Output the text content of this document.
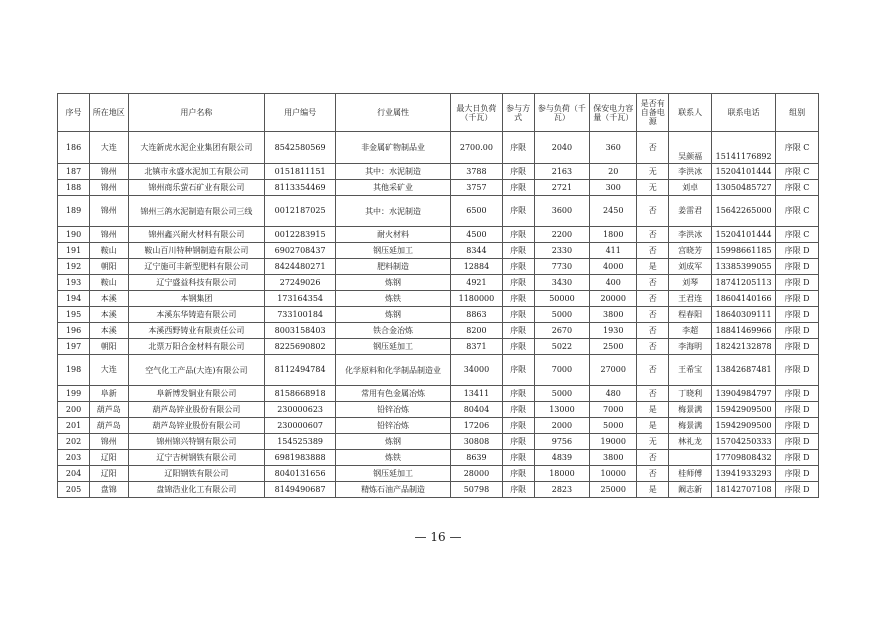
序号	所在地区	用户名称	用户编号	行业属性	最大日负荷（千瓦）	参与方式	参与负荷（千瓦）	保安电力容量（千瓦）	是否有自备电源	联系人	联系电话	组别
186	大连	大连新虎水泥企业集团有限公司	8542580569	非金属矿物制品业	2700.00	序限	2040	360	否	吴颜福	15141176892	序限 C
187	锦州	北镇市永盛水泥加工有限公司	0151811151	其中：水泥制造	3788	序限	2163	20	无	李洪冰	15204101444	序限 C
188	锦州	锦州商乐萤石矿业有限公司	8113354469	其他采矿业	3757	序限	2721	300	无	刘卓	13050485727	序限 C
189	锦州	锦州三鸽水泥制造有限公司三线	0012187025	其中：水泥制造	6500	序限	3600	2450	否	姜雷君	15642265000	序限 C
190	锦州	锦州鑫兴耐火材料有限公司	0012283915	耐火材料	4500	序限	2200	1800	否	李洪冰	15204101444	序限 C
191	鞍山	鞍山百川特种钢制造有限公司	6902708437	钢压延加工	8344	序限	2330	411	否	宫晓芳	15998661185	序限 D
192	朝阳	辽宁施可丰新型肥料有限公司	8424480271	肥料制造	12884	序限	7730	4000	是	刘成军	13385399055	序限 D
193	鞍山	辽宁盛益科技有限公司	27249026	炼钢	4921	序限	3430	400	否	刘琴	18741205113	序限 D
194	本溪	本钢集团	173164354	炼铁	1180000	序限	50000	20000	否	王君连	18604140166	序限 D
195	本溪	本溪东华铸造有限公司	733100184	炼钢	8863	序限	5000	3800	否	程春阳	18640309111	序限 D
196	本溪	本溪西野铸业有限责任公司	8003158403	铁合金冶炼	8200	序限	2670	1930	否	李超	18841469966	序限 D
197	朝阳	北票万阳合金材料有限公司	8225690802	钢压延加工	8371	序限	5022	2500	否	李海明	18242132878	序限 D
198	大连	空气化工产品(大连)有限公司	8112494784	化学原料和化学制品制造业	34000	序限	7000	27000	否	王希宝	13842687481	序限 D
199	阜新	阜新博发铜业有限公司	8158668918	常用有色金属冶炼	13411	序限	5000	480	否	丁晓利	13904984797	序限 D
200	葫芦岛	葫芦岛锌业股份有限公司	230000623	铅锌冶炼	80404	序限	13000	7000	是	梅景满	15942909500	序限 D
201	葫芦岛	葫芦岛锌业股份有限公司	230000607	铅锌冶炼	17206	序限	2000	5000	是	梅景满	15942909500	序限 D
202	锦州	锦州锦兴特钢有限公司	154525389	炼钢	30808	序限	9756	19000	无	林礼龙	15704250333	序限 D
203	辽阳	辽宁吉树钢铁有限公司	6981983888	炼铁	8639	序限	4839	3800	否		17709808432	序限 D
204	辽阳	辽阳钢铁有限公司	8040131656	钢压延加工	28000	序限	18000	10000	否	桂师傅	13941933293	序限 D
205	盘锦	盘锦浩业化工有限公司	8149490687	精炼石油产品制造	50798	序限	2823	25000	是	阚志新	18142707108	序限 D
— 16 —
